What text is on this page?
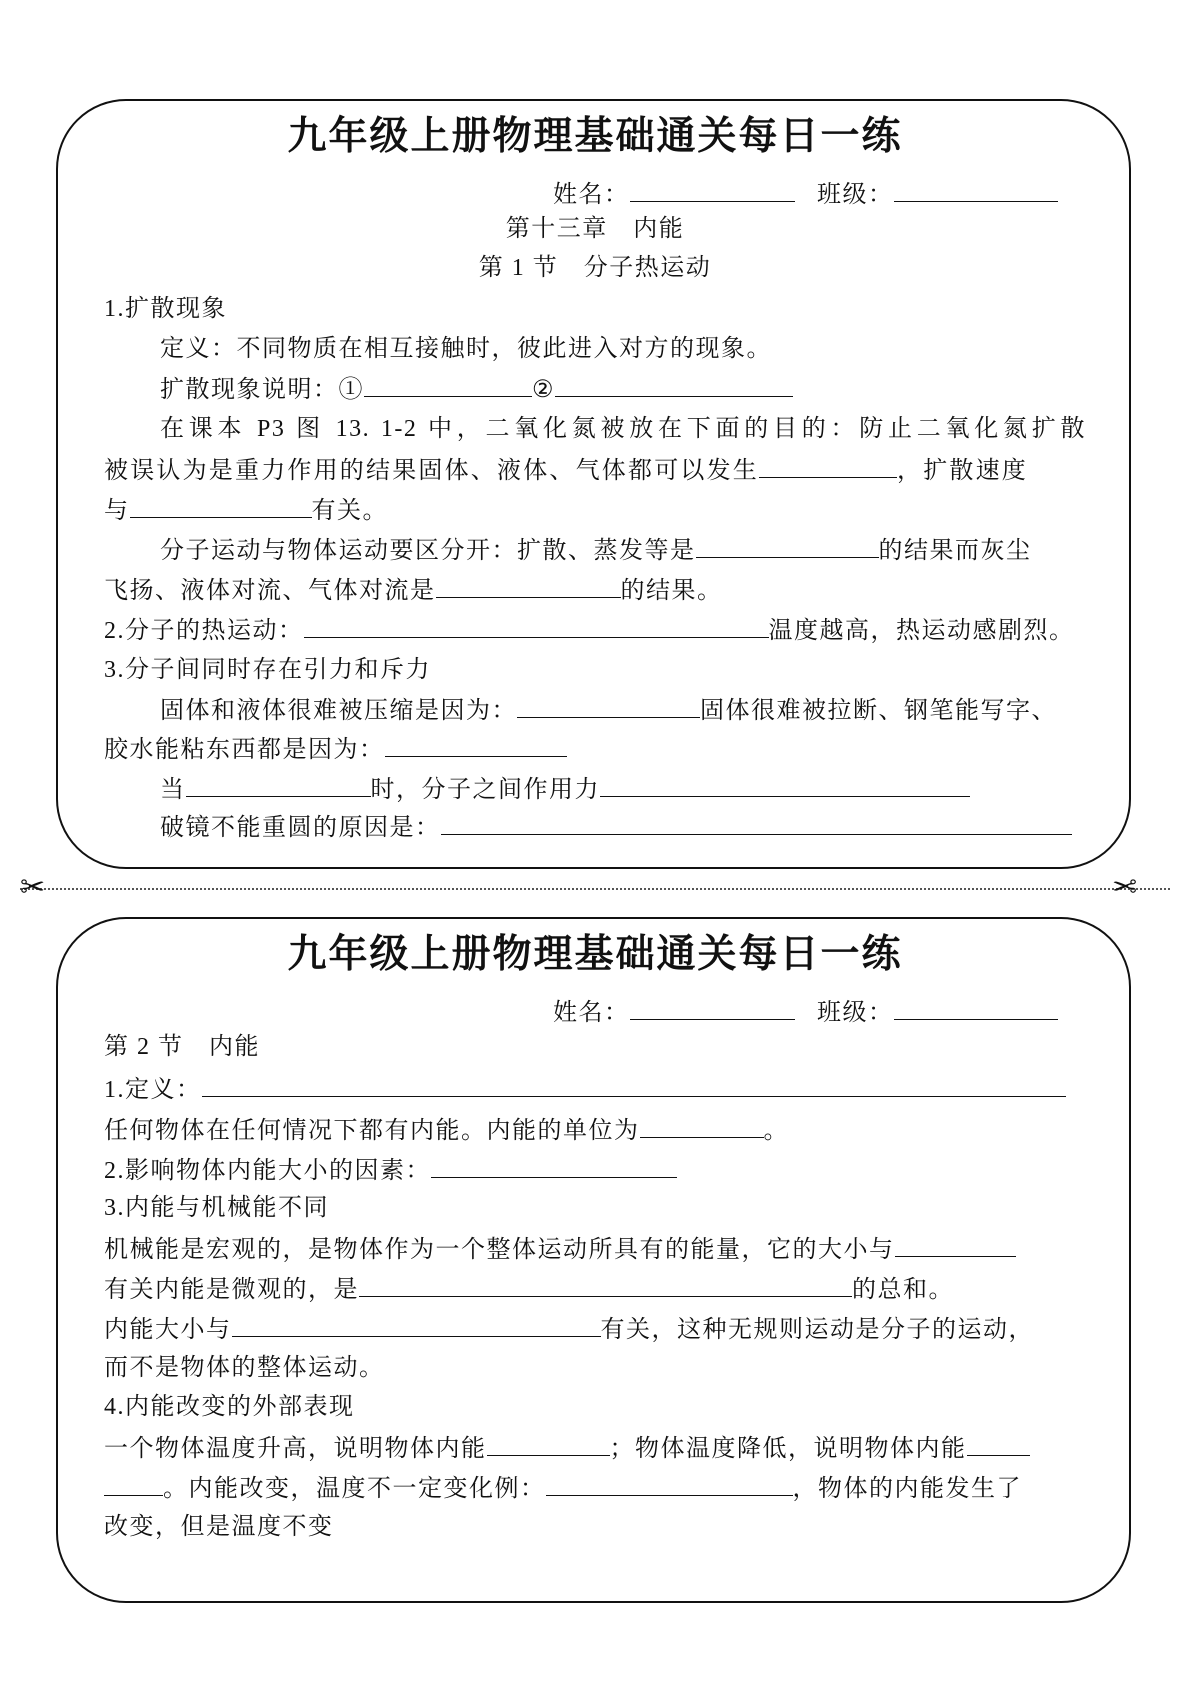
✂	✂
九年级上册物理基础通关每日一练
姓名：	班级：
第十三章　内能
第 1 节　分子热运动
1.扩散现象
定义：不同物质在相互接触时，彼此进入对方的现象。
扩散现象说明：①	②
在课本 P3 图 13. 1-2 中，二氧化氮被放在下面的目的：防止二氧化氮扩散
被误认为是重力作用的结果固体、液体、气体都可以发生	，扩散速度
与	有关。
分子运动与物体运动要区分开：扩散、蒸发等是	的结果而灰尘
飞扬、液体对流、气体对流是	的结果。
2.分子的热运动：	温度越高，热运动感剧烈。
3.分子间同时存在引力和斥力
固体和液体很难被压缩是因为：	固体很难被拉断、钢笔能写字、
胶水能粘东西都是因为：
当	时，分子之间作用力
破镜不能重圆的原因是：
九年级上册物理基础通关每日一练
姓名：	班级：
第 2 节　内能
1.定义：
任何物体在任何情况下都有内能。内能的单位为	。
2.影响物体内能大小的因素：
3.内能与机械能不同
机械能是宏观的，是物体作为一个整体运动所具有的能量，它的大小与
有关内能是微观的，是	的总和。
内能大小与	有关，这种无规则运动是分子的运动，
而不是物体的整体运动。
4.内能改变的外部表现
一个物体温度升高，说明物体内能	；物体温度降低，说明物体内能
。内能改变，温度不一定变化例：	，物体的内能发生了
改变，但是温度不变
